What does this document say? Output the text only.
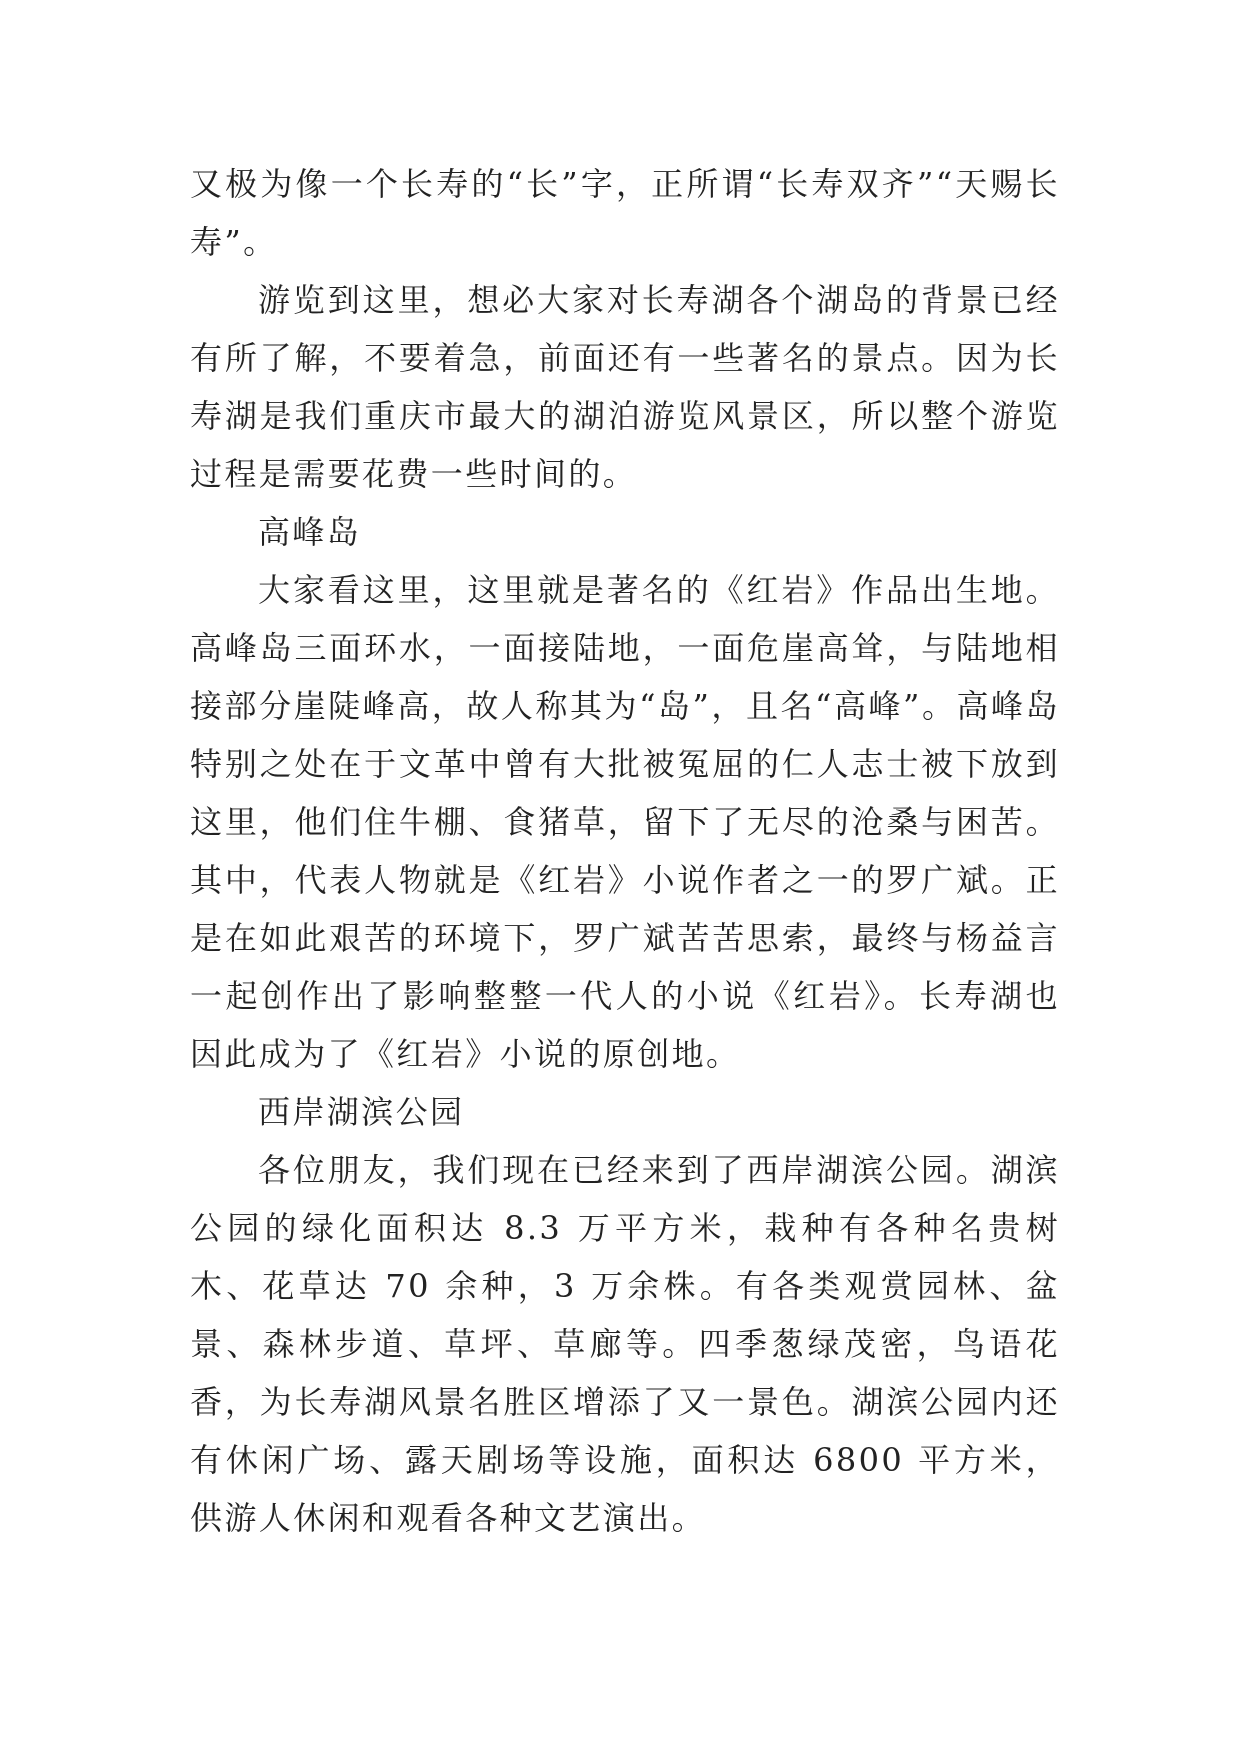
又极为像一个长寿的“长”字，正所谓“长寿双齐”“天赐长寿”。

游览到这里，想必大家对长寿湖各个湖岛的背景已经有所了解，不要着急，前面还有一些著名的景点。因为长寿湖是我们重庆市最大的湖泊游览风景区，所以整个游览过程是需要花费一些时间的。

高峰岛

大家看这里，这里就是著名的《红岩》作品出生地。高峰岛三面环水，一面接陆地，一面危崖高耸，与陆地相接部分崖陡峰高，故人称其为“岛”，且名“高峰”。高峰岛特别之处在于文革中曾有大批被冤屈的仁人志士被下放到这里，他们住牛棚、食猪草，留下了无尽的沧桑与困苦。其中，代表人物就是《红岩》小说作者之一的罗广斌。正是在如此艰苦的环境下，罗广斌苦苦思索，最终与杨益言一起创作出了影响整整一代人的小说《红岩》。长寿湖也因此成为了《红岩》小说的原创地。

西岸湖滨公园

各位朋友，我们现在已经来到了西岸湖滨公园。湖滨公园的绿化面积达 8.3 万平方米，栽种有各种名贵树木、花草达 70 余种，3 万余株。有各类观赏园林、盆景、森林步道、草坪、草廊等。四季葱绿茂密，鸟语花香，为长寿湖风景名胜区增添了又一景色。湖滨公园内还有休闲广场、露天剧场等设施，面积达 6800 平方米，供游人休闲和观看各种文艺演出。
